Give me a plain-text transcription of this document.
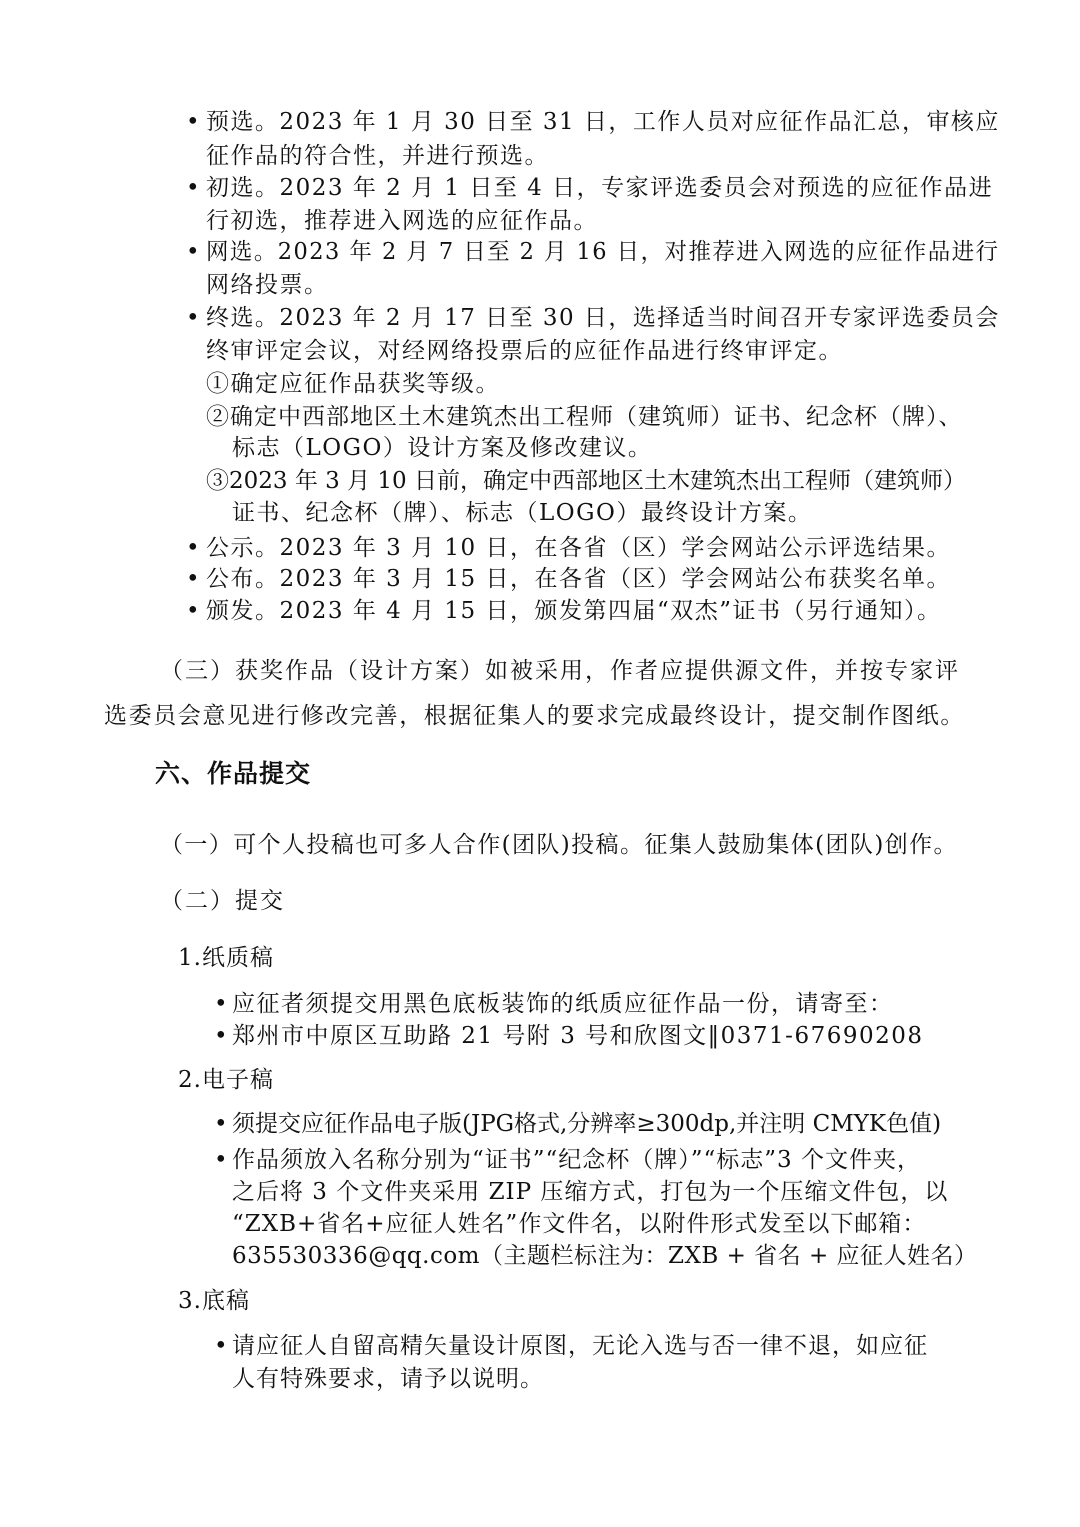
• 预选。2023 年 1 月 30 日至 31 日，工作人员对应征作品汇总，审核应
征作品的符合性，并进行预选。
• 初选。2023 年 2 月 1 日至 4 日，专家评选委员会对预选的应征作品进
行初选，推荐进入网选的应征作品。
• 网选。2023 年 2 月 7 日至 2 月 16 日，对推荐进入网选的应征作品进行
网络投票。
• 终选。2023 年 2 月 17 日至 30 日，选择适当时间召开专家评选委员会
终审评定会议，对经网络投票后的应征作品进行终审评定。
①确定应征作品获奖等级。
②确定中西部地区土木建筑杰出工程师（建筑师）证书、纪念杯（牌）、
标志（LOGO）设计方案及修改建议。
③2023 年 3 月 10 日前，确定中西部地区土木建筑杰出工程师（建筑师）
证书、纪念杯（牌）、标志（LOGO）最终设计方案。
• 公示。2023 年 3 月 10 日，在各省（区）学会网站公示评选结果。
• 公布。2023 年 3 月 15 日，在各省（区）学会网站公布获奖名单。
• 颁发。2023 年 4 月 15 日，颁发第四届“双杰”证书（另行通知）。
（三）获奖作品（设计方案）如被采用，作者应提供源文件，并按专家评
选委员会意见进行修改完善，根据征集人的要求完成最终设计，提交制作图纸。
六、作品提交
（一）可个人投稿也可多人合作(团队)投稿。征集人鼓励集体(团队)创作。
（二）提交
1.纸质稿
• 应征者须提交用黑色底板装饰的纸质应征作品一份，请寄至：
• 郑州市中原区互助路 21 号附 3 号和欣图文‖0371-67690208
2.电子稿
• 须提交应征作品电子版(JPG格式,分辨率≥300dp,并注明 CMYK色值)
• 作品须放入名称分别为“证书”“纪念杯（牌）”“标志”3 个文件夹，
之后将 3 个文件夹采用 ZIP 压缩方式，打包为一个压缩文件包，以
“ZXB+省名+应征人姓名”作文件名，以附件形式发至以下邮箱：
635530336@qq.com（主题栏标注为：ZXB + 省名 + 应征人姓名）
3.底稿
• 请应征人自留高精矢量设计原图，无论入选与否一律不退，如应征
人有特殊要求，请予以说明。
